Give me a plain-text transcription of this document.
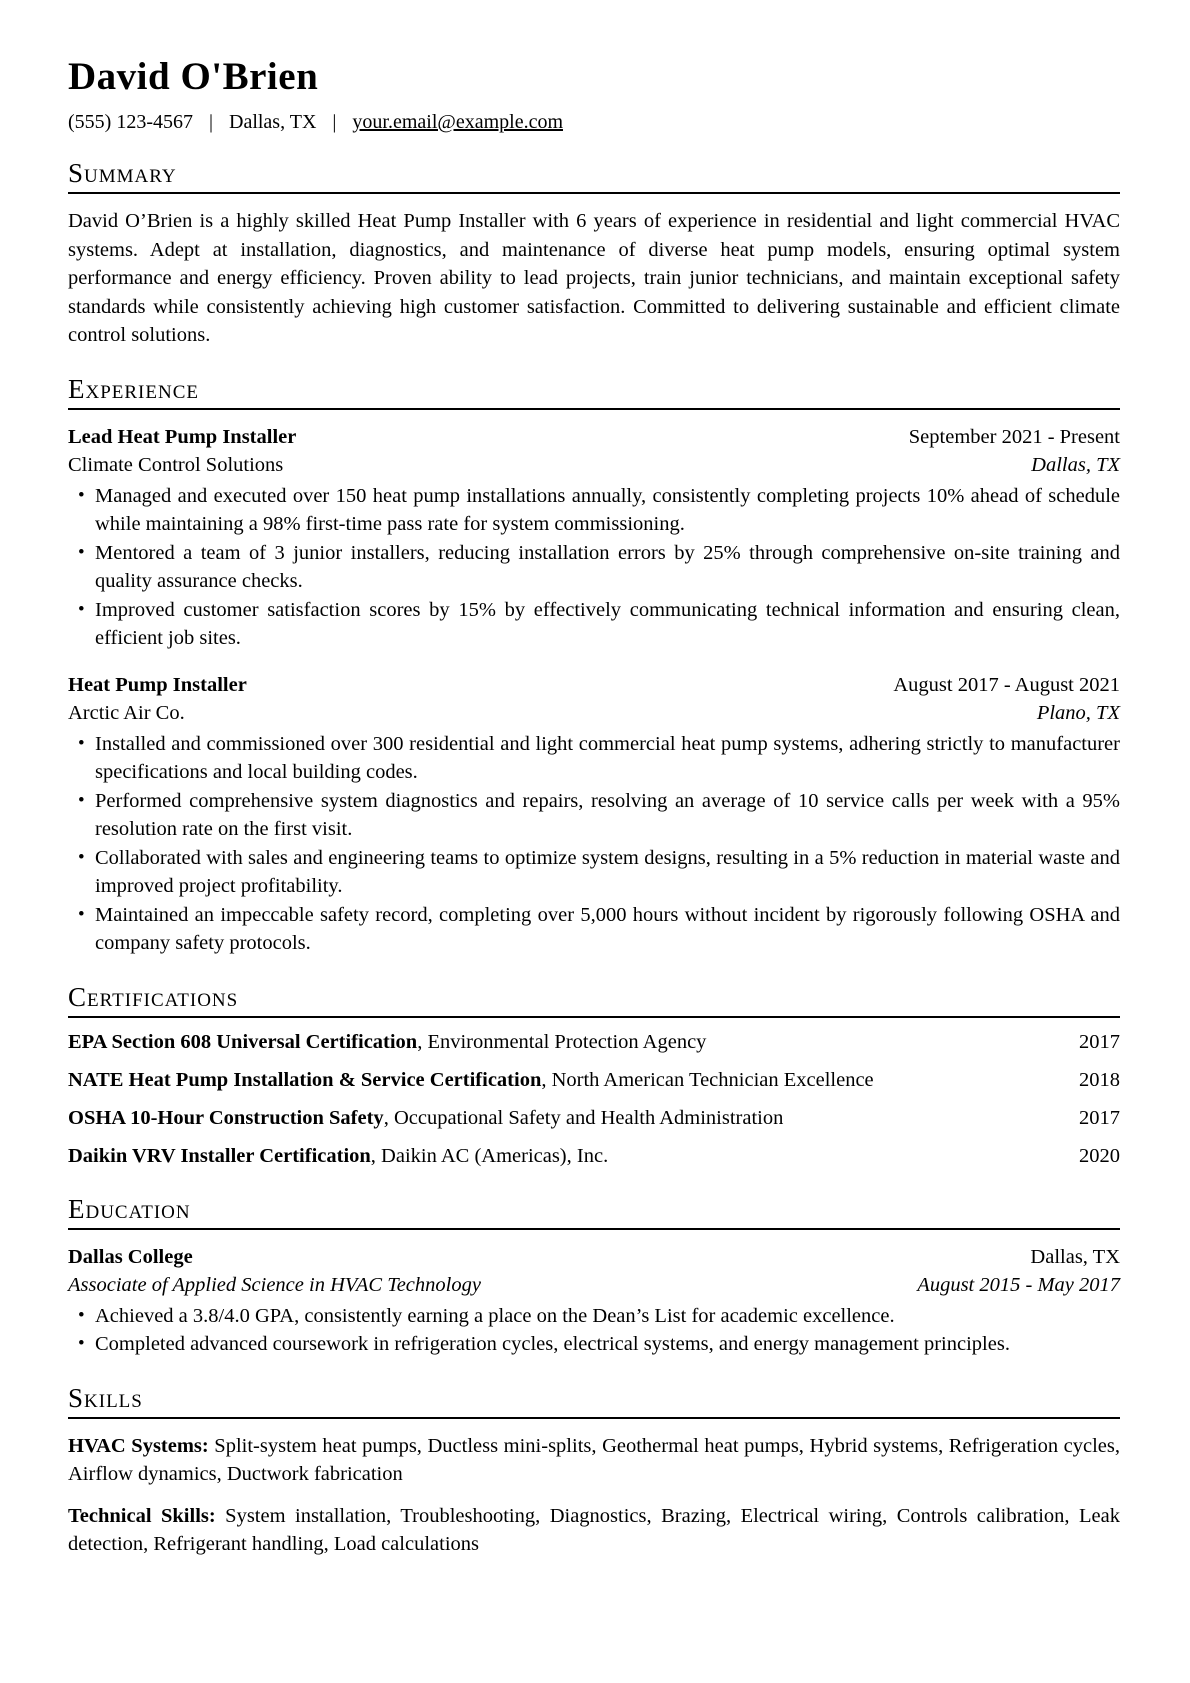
David O'Brien
(555) 123-4567 | Dallas, TX | your.email@example.com
Summary

David O’Brien is a highly skilled Heat Pump Installer with 6 years of experience in residential and light commercial HVAC systems. Adept at installation, diagnostics, and maintenance of diverse heat pump models, ensuring optimal system performance and energy efficiency. Proven ability to lead projects, train junior technicians, and maintain exceptional safety standards while consistently achieving high customer satisfaction. Committed to delivering sustainable and efficient climate control solutions.

Experience
Lead Heat Pump Installer	September 2021 - Present
Climate Control Solutions	Dallas, TX
• Managed and executed over 150 heat pump installations annually, consistently completing projects 10% ahead of schedule while maintaining a 98% first-time pass rate for system commissioning.
• Mentored a team of 3 junior installers, reducing installation errors by 25% through comprehensive on-site training and quality assurance checks.
• Improved customer satisfaction scores by 15% by effectively communicating technical information and ensuring clean, efficient job sites.
Heat Pump Installer	August 2017 - August 2021
Arctic Air Co.	Plano, TX
• Installed and commissioned over 300 residential and light commercial heat pump systems, adhering strictly to manufacturer specifications and local building codes.
• Performed comprehensive system diagnostics and repairs, resolving an average of 10 service calls per week with a 95% resolution rate on the first visit.
• Collaborated with sales and engineering teams to optimize system designs, resulting in a 5% reduction in material waste and improved project profitability.
• Maintained an impeccable safety record, completing over 5,000 hours without incident by rigorously following OSHA and company safety protocols.
Certifications
EPA Section 608 Universal Certification, Environmental Protection Agency	2017
NATE Heat Pump Installation & Service Certification, North American Technician Excellence	2018
OSHA 10-Hour Construction Safety, Occupational Safety and Health Administration	2017
Daikin VRV Installer Certification, Daikin AC (Americas), Inc.	2020
Education
Dallas College	Dallas, TX
Associate of Applied Science in HVAC Technology	August 2015 - May 2017
• Achieved a 3.8/4.0 GPA, consistently earning a place on the Dean’s List for academic excellence.
• Completed advanced coursework in refrigeration cycles, electrical systems, and energy management principles.
Skills

HVAC Systems: Split-system heat pumps, Ductless mini-splits, Geothermal heat pumps, Hybrid systems, Refrigeration cycles, Airflow dynamics, Ductwork fabrication

Technical Skills: System installation, Troubleshooting, Diagnostics, Brazing, Electrical wiring, Controls calibration, Leak detection, Refrigerant handling, Load calculations
